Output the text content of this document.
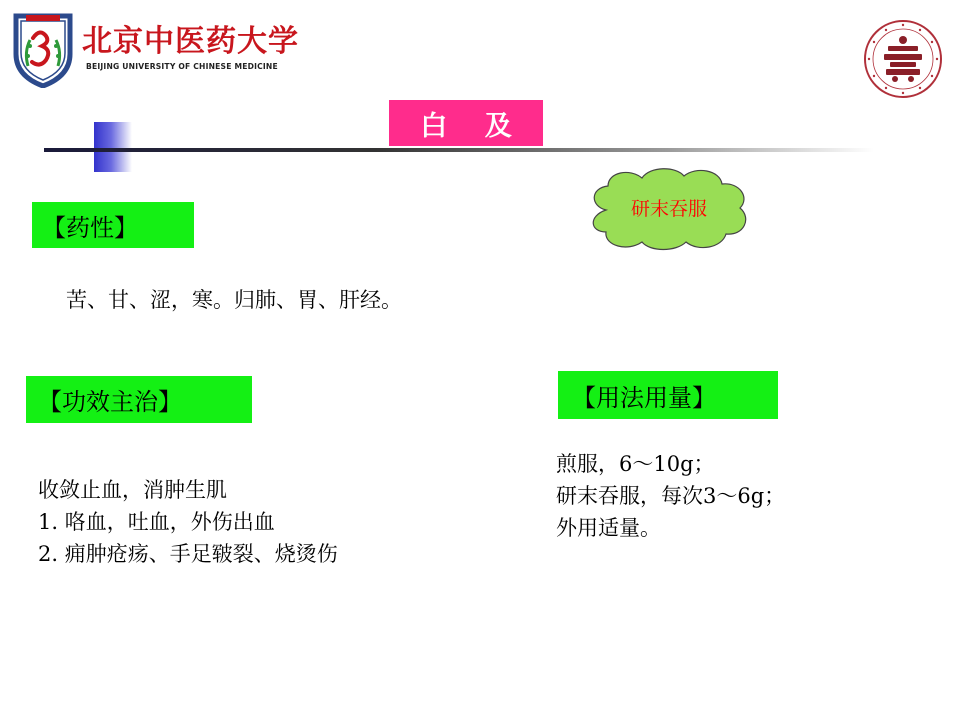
北京中医药大学
BEIJING UNIVERSITY OF CHINESE MEDICINE
白 及
研末吞服
【药性】
苦、甘、涩，寒。归肺、胃、肝经。
【功效主治】
收敛止血，消肿生肌
1. 咯血，吐血，外伤出血
2. 痈肿疮疡、手足皲裂、烧烫伤
【用法用量】
煎服，6～10g；
研末吞服，每次3～6g；
外用适量。
